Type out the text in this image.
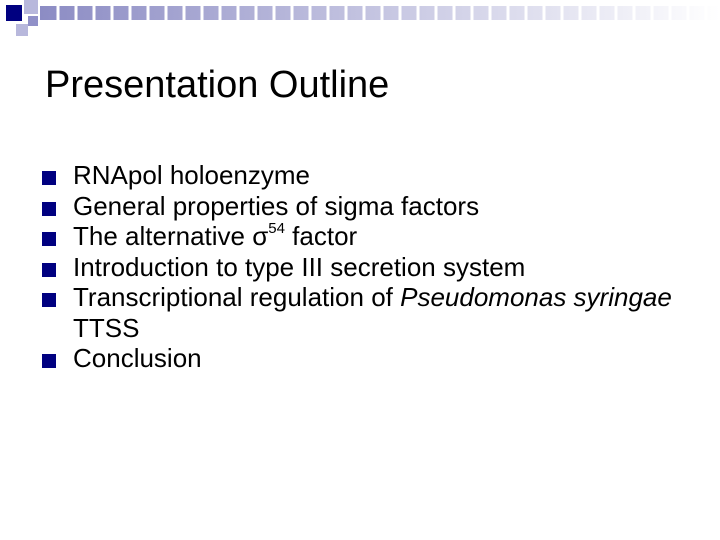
Presentation Outline
RNApol holoenzyme
General properties of sigma factors
The alternative $\sigma^{54}$ factor
Introduction to type III secretion system
Transcriptional regulation of Pseudomonas syringae TTSS
Conclusion
